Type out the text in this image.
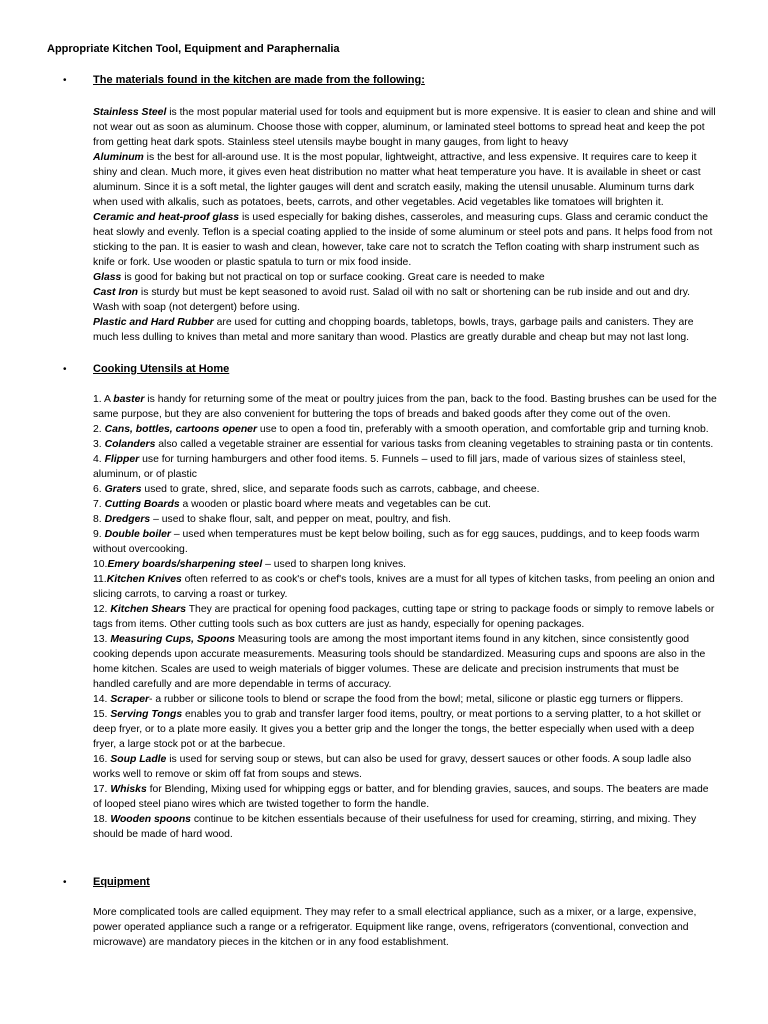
Appropriate Kitchen Tool, Equipment and Paraphernalia
• The materials found in the kitchen are made from the following:

Stainless Steel is the most popular material used for tools and equipment but is more expensive. It is easier to clean and shine and will not wear out as soon as aluminum. Choose those with copper, aluminum, or laminated steel bottoms to spread heat and keep the pot from getting heat dark spots. Stainless steel utensils maybe bought in many gauges, from light to heavy

Aluminum is the best for all-around use. It is the most popular, lightweight, attractive, and less expensive. It requires care to keep it shiny and clean. Much more, it gives even heat distribution no matter what heat temperature you have. It is available in sheet or cast aluminum. Since it is a soft metal, the lighter gauges will dent and scratch easily, making the utensil unusable. Aluminum turns dark when used with alkalis, such as potatoes, beets, carrots, and other vegetables. Acid vegetables like tomatoes will brighten it.

Ceramic and heat-proof glass is used especially for baking dishes, casseroles, and measuring cups. Glass and ceramic conduct the heat slowly and evenly. Teflon is a special coating applied to the inside of some aluminum or steel pots and pans. It helps food from not sticking to the pan. It is easier to wash and clean, however, take care not to scratch the Teflon coating with sharp instrument such as knife or fork. Use wooden or plastic spatula to turn or mix food inside.

Glass is good for baking but not practical on top or surface cooking. Great care is needed to make

Cast Iron is sturdy but must be kept seasoned to avoid rust. Salad oil with no salt or shortening can be rub inside and out and dry. Wash with soap (not detergent) before using.

Plastic and Hard Rubber are used for cutting and chopping boards, tabletops, bowls, trays, garbage pails and canisters. They are much less dulling to knives than metal and more sanitary than wood. Plastics are greatly durable and cheap but may not last long.

• Cooking Utensils at Home

1. A baster is handy for returning some of the meat or poultry juices from the pan, back to the food. Basting brushes can be used for the same purpose, but they are also convenient for buttering the tops of breads and baked goods after they come out of the oven.

2. Cans, bottles, cartoons opener use to open a food tin, preferably with a smooth operation, and comfortable grip and turning knob.

3. Colanders also called a vegetable strainer are essential for various tasks from cleaning vegetables to straining pasta or tin contents.

4. Flipper use for turning hamburgers and other food items. 5. Funnels – used to fill jars, made of various sizes of stainless steel, aluminum, or of plastic

6. Graters used to grate, shred, slice, and separate foods such as carrots, cabbage, and cheese.

7. Cutting Boards a wooden or plastic board where meats and vegetables can be cut.

8. Dredgers – used to shake flour, salt, and pepper on meat, poultry, and fish.

9. Double boiler – used when temperatures must be kept below boiling, such as for egg sauces, puddings, and to keep foods warm without overcooking.

10.Emery boards/sharpening steel – used to sharpen long knives.

11.Kitchen Knives often referred to as cook's or chef's tools, knives are a must for all types of kitchen tasks, from peeling an onion and slicing carrots, to carving a roast or turkey.

12. Kitchen Shears They are practical for opening food packages, cutting tape or string to package foods or simply to remove labels or tags from items. Other cutting tools such as box cutters are just as handy, especially for opening packages.

13. Measuring Cups, Spoons Measuring tools are among the most important items found in any kitchen, since consistently good cooking depends upon accurate measurements. Measuring tools should be standardized. Measuring cups and spoons are also in the home kitchen. Scales are used to weigh materials of bigger volumes. These are delicate and precision instruments that must be handled carefully and are more dependable in terms of accuracy.

14. Scraper- a rubber or silicone tools to blend or scrape the food from the bowl; metal, silicone or plastic egg turners or flippers.

15. Serving Tongs enables you to grab and transfer larger food items, poultry, or meat portions to a serving platter, to a hot skillet or deep fryer, or to a plate more easily. It gives you a better grip and the longer the tongs, the better especially when used with a deep fryer, a large stock pot or at the barbecue.

16. Soup Ladle is used for serving soup or stews, but can also be used for gravy, dessert sauces or other foods. A soup ladle also works well to remove or skim off fat from soups and stews.

17. Whisks for Blending, Mixing used for whipping eggs or batter, and for blending gravies, sauces, and soups. The beaters are made of looped steel piano wires which are twisted together to form the handle.

18. Wooden spoons continue to be kitchen essentials because of their usefulness for used for creaming, stirring, and mixing. They should be made of hard wood.

• Equipment

More complicated tools are called equipment. They may refer to a small electrical appliance, such as a mixer, or a large, expensive, power operated appliance such a range or a refrigerator. Equipment like range, ovens, refrigerators (conventional, convection and microwave) are mandatory pieces in the kitchen or in any food establishment.
